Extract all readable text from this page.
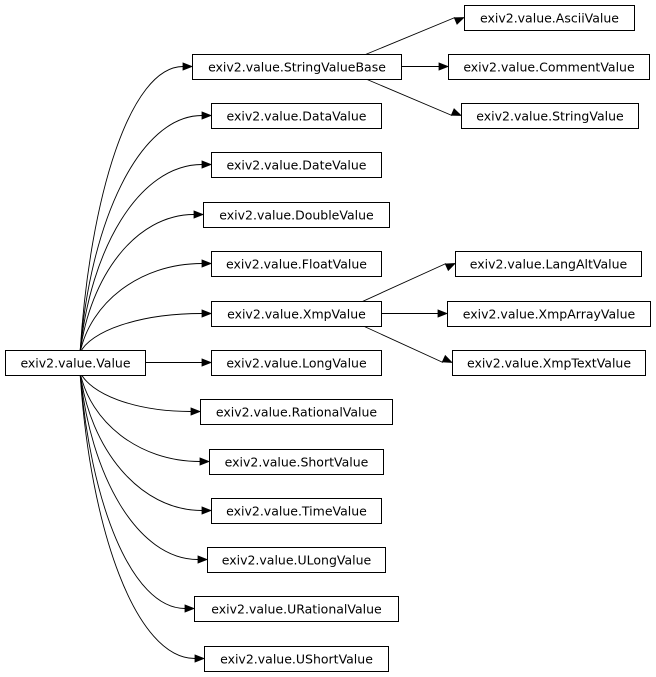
exiv2.value.Value
exiv2.value.StringValueBase
exiv2.value.AsciiValue
exiv2.value.CommentValue
exiv2.value.StringValue
exiv2.value.DataValue
exiv2.value.DateValue
exiv2.value.DoubleValue
exiv2.value.FloatValue
exiv2.value.XmpValue
exiv2.value.LangAltValue
exiv2.value.XmpArrayValue
exiv2.value.XmpTextValue
exiv2.value.LongValue
exiv2.value.RationalValue
exiv2.value.ShortValue
exiv2.value.TimeValue
exiv2.value.ULongValue
exiv2.value.URationalValue
exiv2.value.UShortValue
